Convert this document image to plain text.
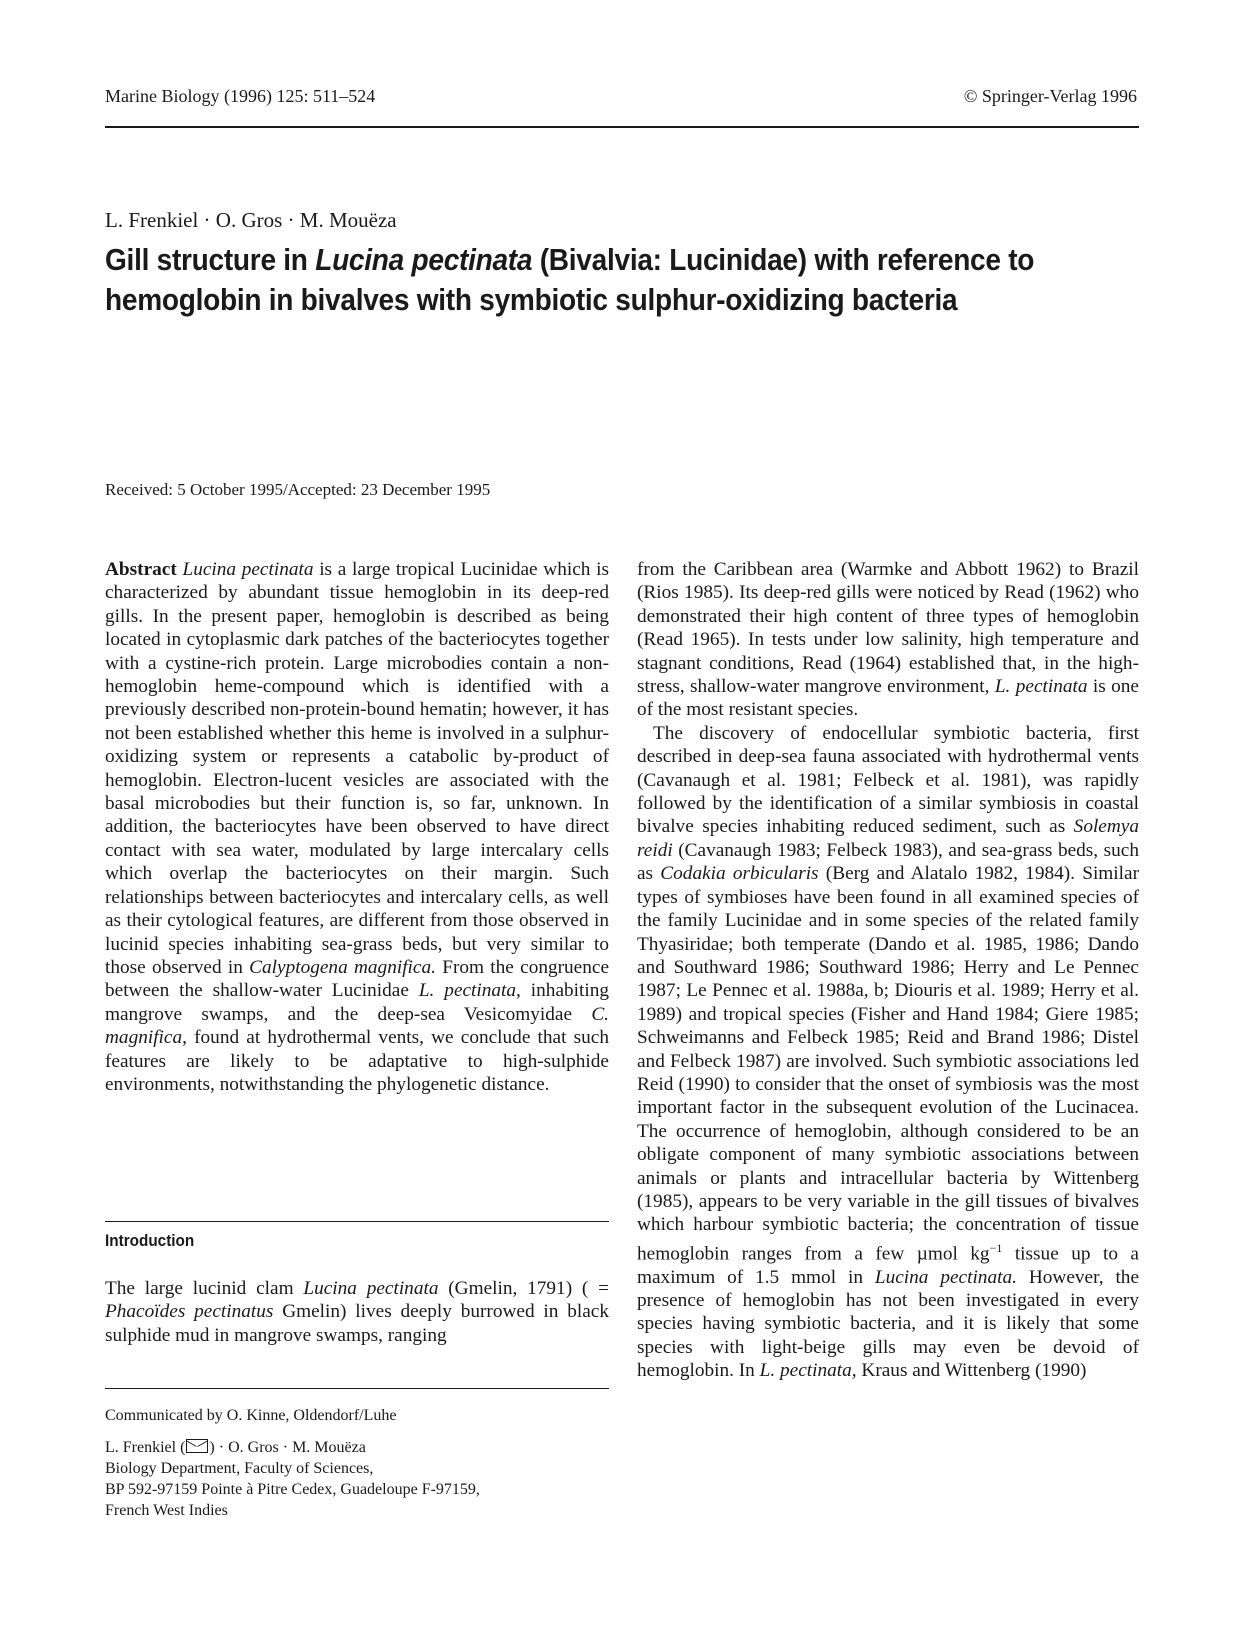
Marine Biology (1996) 125: 511–524	© Springer-Verlag 1996
L. Frenkiel · O. Gros · M. Mouëza
Gill structure in Lucina pectinata (Bivalvia: Lucinidae) with reference to hemoglobin in bivalves with symbiotic sulphur-oxidizing bacteria
Received: 5 October 1995/Accepted: 23 December 1995

Abstract Lucina pectinata is a large tropical Lucinidae which is characterized by abundant tissue hemoglobin in its deep-red gills. In the present paper, hemoglobin is described as being located in cytoplasmic dark patches of the bacteriocytes together with a cystine-rich protein. Large microbodies contain a non-hemoglobin heme-compound which is identified with a previously described non-protein-bound hematin; however, it has not been established whether this heme is involved in a sulphur-oxidizing system or represents a catabolic by-product of hemoglobin. Electron-lucent vesicles are associated with the basal microbodies but their function is, so far, unknown. In addition, the bacteriocytes have been observed to have direct contact with sea water, modulated by large intercalary cells which overlap the bacteriocytes on their margin. Such relationships between bacteriocytes and intercalary cells, as well as their cytological features, are different from those observed in lucinid species inhabiting sea-grass beds, but very similar to those observed in Calyptogena magnifica. From the congruence between the shallow-water Lucinidae L. pectinata, inhabiting mangrove swamps, and the deep-sea Vesicomyidae C. magnifica, found at hydrothermal vents, we conclude that such features are likely to be adaptative to high-sulphide environments, notwithstanding the phylogenetic distance.

Introduction

The large lucinid clam Lucina pectinata (Gmelin, 1791) ( = Phacoïdes pectinatus Gmelin) lives deeply burrowed in black sulphide mud in mangrove swamps, ranging

Communicated by O. Kinne, Oldendorf/Luhe
L. Frenkiel ( ) · O. Gros · M. Mouëza
Biology Department, Faculty of Sciences,
BP 592-97159 Pointe à Pitre Cedex, Guadeloupe F-97159,
French West Indies

from the Caribbean area (Warmke and Abbott 1962) to Brazil (Rios 1985). Its deep-red gills were noticed by Read (1962) who demonstrated their high content of three types of hemoglobin (Read 1965). In tests under low salinity, high temperature and stagnant conditions, Read (1964) established that, in the high-stress, shallow-water mangrove environment, L. pectinata is one of the most resistant species.

The discovery of endocellular symbiotic bacteria, first described in deep-sea fauna associated with hydrothermal vents (Cavanaugh et al. 1981; Felbeck et al. 1981), was rapidly followed by the identification of a similar symbiosis in coastal bivalve species inhabiting reduced sediment, such as Solemya reidi (Cavanaugh 1983; Felbeck 1983), and sea-grass beds, such as Codakia orbicularis (Berg and Alatalo 1982, 1984). Similar types of symbioses have been found in all examined species of the family Lucinidae and in some species of the related family Thyasiridae; both temperate (Dando et al. 1985, 1986; Dando and Southward 1986; Southward 1986; Herry and Le Pennec 1987; Le Pennec et al. 1988a, b; Diouris et al. 1989; Herry et al. 1989) and tropical species (Fisher and Hand 1984; Giere 1985; Schweimanns and Felbeck 1985; Reid and Brand 1986; Distel and Felbeck 1987) are involved. Such symbiotic associations led Reid (1990) to consider that the onset of symbiosis was the most important factor in the subsequent evolution of the Lucinacea. The occurrence of hemoglobin, although considered to be an obligate component of many symbiotic associations between animals or plants and intracellular bacteria by Wittenberg (1985), appears to be very variable in the gill tissues of bivalves which harbour symbiotic bacteria; the concentration of tissue hemoglobin ranges from a few µmol $kg^{-1}$ tissue up to a maximum of 1.5 mmol in Lucina pectinata. However, the presence of hemoglobin has not been investigated in every species having symbiotic bacteria, and it is likely that some species with light-beige gills may even be devoid of hemoglobin. In L. pectinata, Kraus and Wittenberg (1990)
